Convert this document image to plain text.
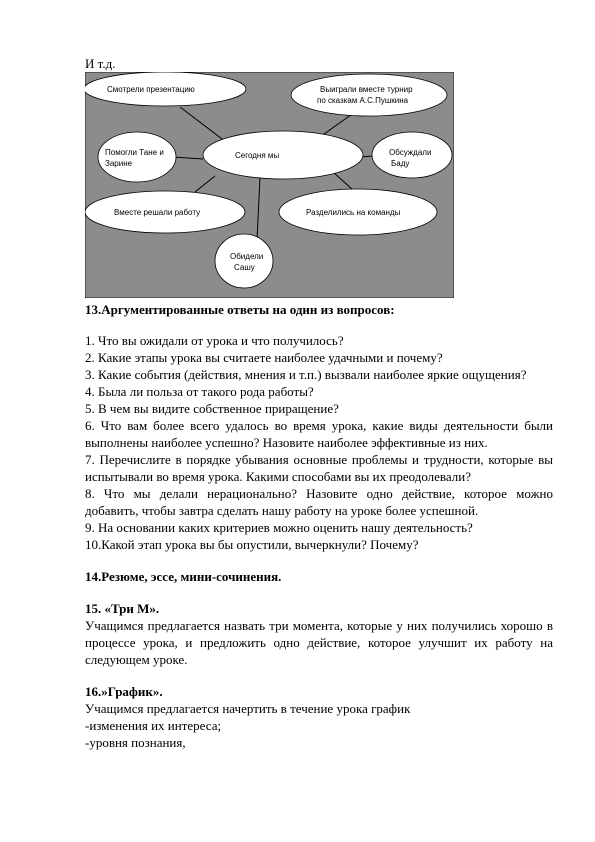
И т.д.
Смотрели презентацию	Выиграли вместе турнир
по сказкам А.С.Пушкина
Помогли Тане и
Зарине
Сегодня мы	Обсуждали
Баду
Вместе решали работу	Разделились на команды
Обидели
Сашу

13.Аргументированные ответы на один из вопросов:

1. Что вы ожидали от урока и что получилось?

2. Какие этапы урока вы считаете наиболее удачными и почему?

3. Какие события (действия, мнения и т.п.) вызвали наиболее яркие ощущения?

4. Была ли польза от такого рода работы?

5. В чем вы видите собственное приращение?

6. Что вам более всего удалось во время урока, какие виды деятельности были выполнены наиболее успешно? Назовите наиболее эффективные из них.

7. Перечислите в порядке убывания основные проблемы и трудности, которые вы испытывали во время урока. Какими способами вы их преодолевали?

8. Что мы делали нерационально? Назовите одно действие, которое можно добавить, чтобы завтра сделать нашу работу на уроке более успешной.

9. На основании каких критериев можно оценить нашу деятельность?

10.Какой этап урока вы бы опустили, вычеркнули? Почему?

14.Резюме, эссе, мини-сочинения.

15. «Три М».

Учащимся предлагается назвать три момента, которые у них получились хорошо в процессе урока, и предложить одно действие, которое улучшит их работу на следующем уроке.

16.»График».

Учащимся предлагается начертить в течение урока график

-изменения их интереса;

-уровня познания,
